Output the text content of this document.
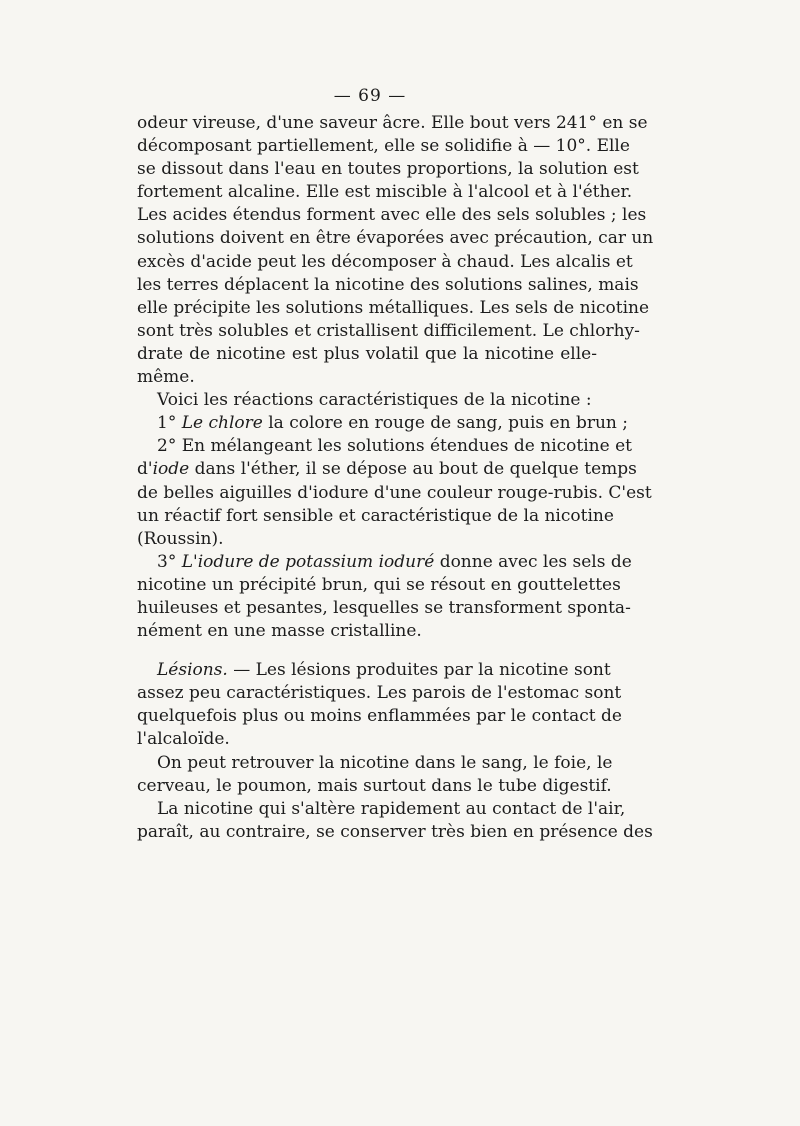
— 69 —
odeur vireuse, d'une saveur âcre. Elle bout vers 241° en se
décomposant partiellement, elle se solidifie à — 10°. Elle
se dissout dans l'eau en toutes proportions, la solution est
fortement alcaline. Elle est miscible à l'alcool et à l'éther.
Les acides étendus forment avec elle des sels solubles ; les
solutions doivent en être évaporées avec précaution, car un
excès d'acide peut les décomposer à chaud. Les alcalis et
les terres déplacent la nicotine des solutions salines, mais
elle précipite les solutions métalliques. Les sels de nicotine
sont très solubles et cristallisent difficilement. Le chlorhy-
drate de nicotine est plus volatil que la nicotine elle-
même.
Voici les réactions caractéristiques de la nicotine :
1° Le chlore la colore en rouge de sang, puis en brun ;
2° En mélangeant les solutions étendues de nicotine et
d'iode dans l'éther, il se dépose au bout de quelque temps
de belles aiguilles d'iodure d'une couleur rouge-rubis. C'est
un réactif fort sensible et caractéristique de la nicotine
(Roussin).
3° L'iodure de potassium ioduré donne avec les sels de
nicotine un précipité brun, qui se résout en gouttelettes
huileuses et pesantes, lesquelles se transforment sponta-
nément en une masse cristalline.
Lésions. — Les lésions produites par la nicotine sont
assez peu caractéristiques. Les parois de l'estomac sont
quelquefois plus ou moins enflammées par le contact de
l'alcaloïde.
On peut retrouver la nicotine dans le sang, le foie, le
cerveau, le poumon, mais surtout dans le tube digestif.
La nicotine qui s'altère rapidement au contact de l'air,
paraît, au contraire, se conserver très bien en présence des
